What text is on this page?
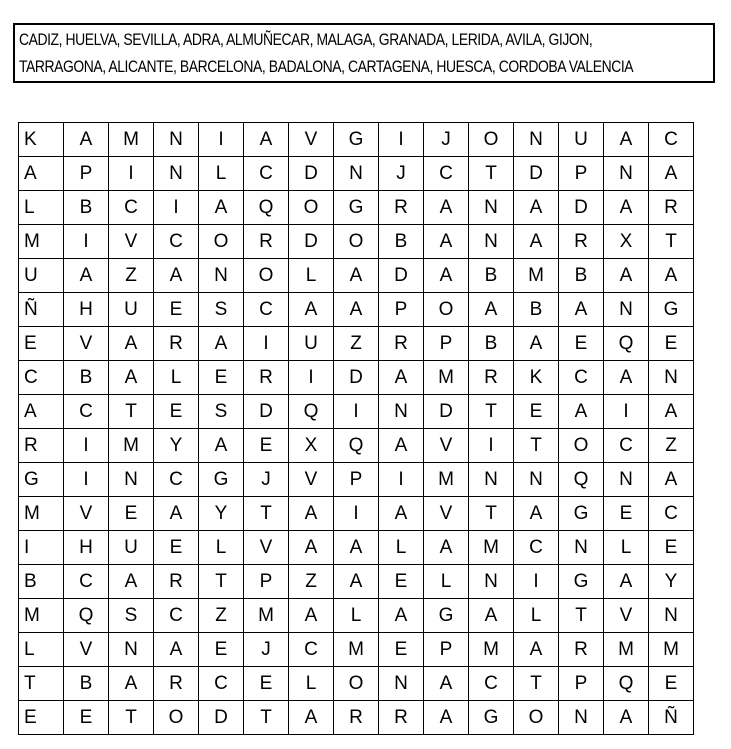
CADIZ, HUELVA, SEVILLA, ADRA, ALMUÑECAR, MALAGA, GRANADA, LERIDA, AVILA, GIJON,
TARRAGONA, ALICANTE, BARCELONA, BADALONA, CARTAGENA, HUESCA, CORDOBA VALENCIA
K	A	M	N	I	A	V	G	I	J	O	N	U	A	C
A	P	I	N	L	C	D	N	J	C	T	D	P	N	A
L	B	C	I	A	Q	O	G	R	A	N	A	D	A	R
M	I	V	C	O	R	D	O	B	A	N	A	R	X	T
U	A	Z	A	N	O	L	A	D	A	B	M	B	A	A
Ñ	H	U	E	S	C	A	A	P	O	A	B	A	N	G
E	V	A	R	A	I	U	Z	R	P	B	A	E	Q	E
C	B	A	L	E	R	I	D	A	M	R	K	C	A	N
A	C	T	E	S	D	Q	I	N	D	T	E	A	I	A
R	I	M	Y	A	E	X	Q	A	V	I	T	O	C	Z
G	I	N	C	G	J	V	P	I	M	N	N	Q	N	A
M	V	E	A	Y	T	A	I	A	V	T	A	G	E	C
I	H	U	E	L	V	A	A	L	A	M	C	N	L	E
B	C	A	R	T	P	Z	A	E	L	N	I	G	A	Y
M	Q	S	C	Z	M	A	L	A	G	A	L	T	V	N
L	V	N	A	E	J	C	M	E	P	M	A	R	M	M
T	B	A	R	C	E	L	O	N	A	C	T	P	Q	E
E	E	T	O	D	T	A	R	R	A	G	O	N	A	Ñ
